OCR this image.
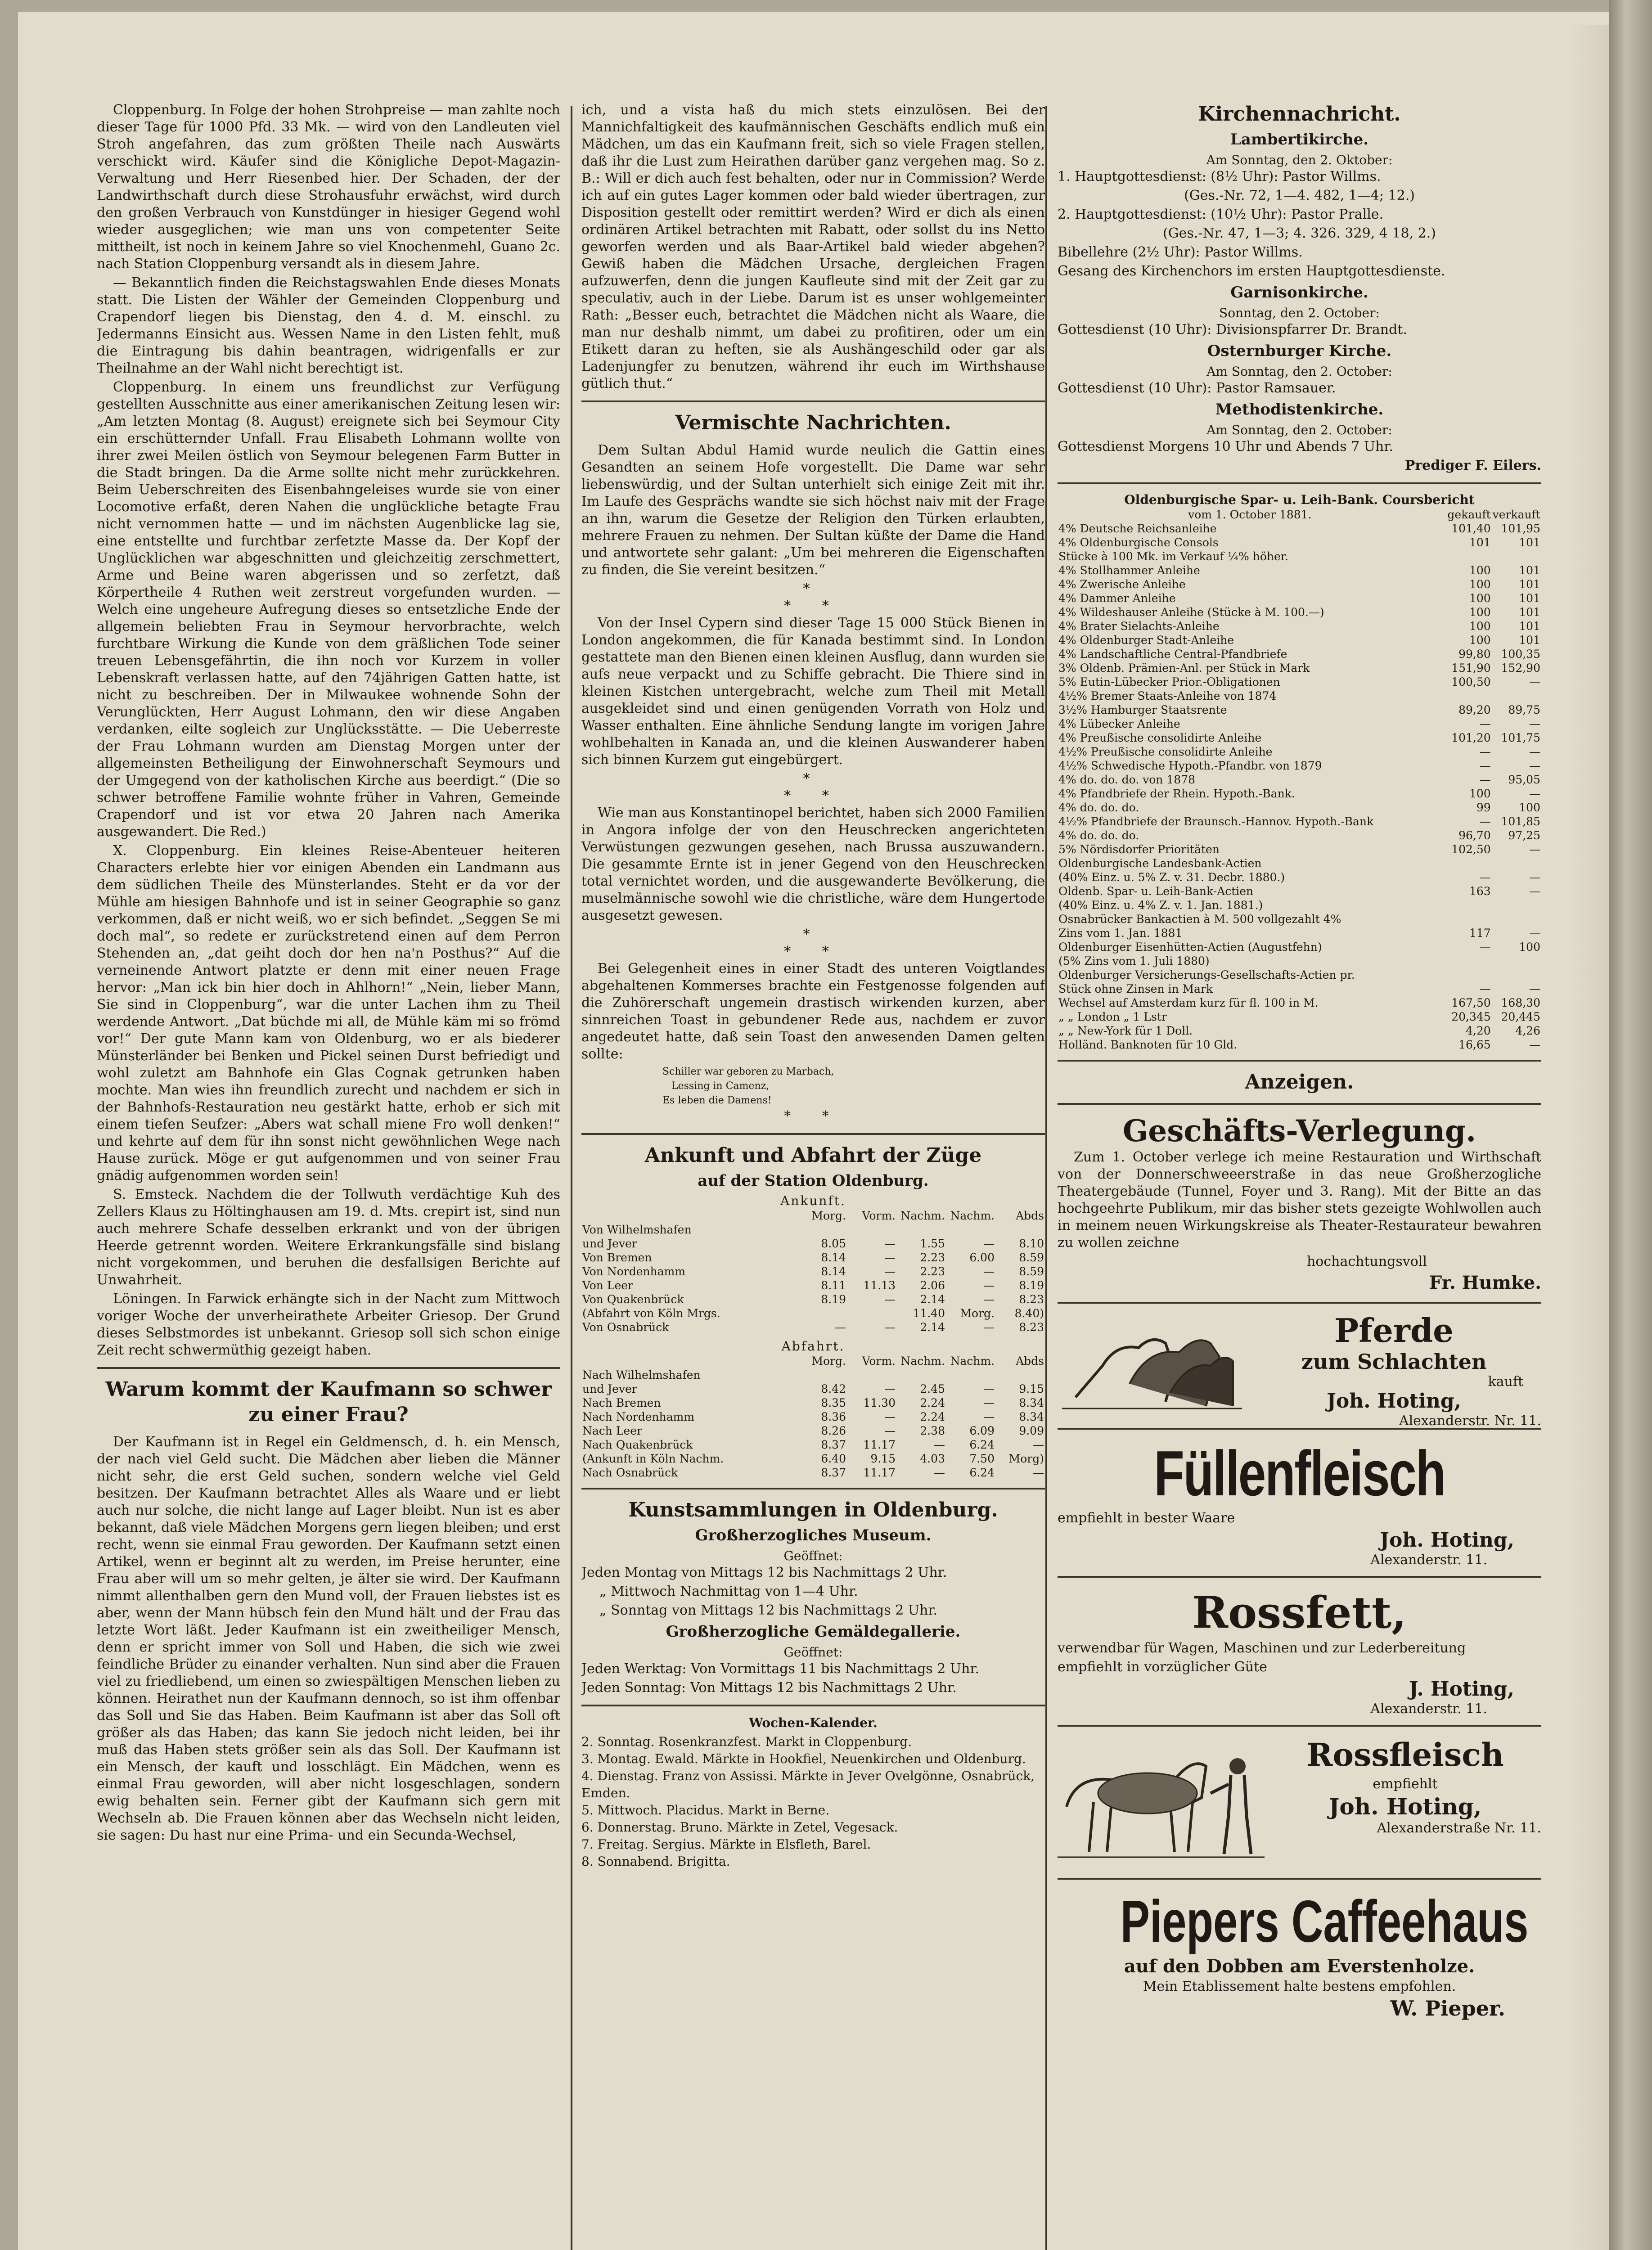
Cloppenburg. In Folge der hohen Strohpreise — man zahlte noch dieser Tage für 1000 Pfd. 33 Mk. — wird von den Landleuten viel Stroh angefahren, das zum größten Theile nach Auswärts verschickt wird. Käufer sind die Königliche Depot-Magazin-Verwaltung und Herr Riesenbed hier. Der Schaden, der der Landwirthschaft durch diese Strohausfuhr erwächst, wird durch den großen Verbrauch von Kunstdünger in hiesiger Gegend wohl wieder ausgeglichen; wie man uns von competenter Seite mittheilt, ist noch in keinem Jahre so viel Knochenmehl, Guano 2c. nach Station Cloppenburg versandt als in diesem Jahre.

— Bekanntlich finden die Reichstagswahlen Ende dieses Monats statt. Die Listen der Wähler der Gemeinden Cloppenburg und Crapendorf liegen bis Dienstag, den 4. d. M. einschl. zu Jedermanns Einsicht aus. Wessen Name in den Listen fehlt, muß die Eintragung bis dahin beantragen, widrigenfalls er zur Theilnahme an der Wahl nicht berechtigt ist.

Cloppenburg. In einem uns freundlichst zur Verfügung gestellten Ausschnitte aus einer amerikanischen Zeitung lesen wir: „Am letzten Montag (8. August) ereignete sich bei Seymour City ein erschütternder Unfall. Frau Elisabeth Lohmann wollte von ihrer zwei Meilen östlich von Seymour belegenen Farm Butter in die Stadt bringen. Da die Arme sollte nicht mehr zurückkehren. Beim Ueberschreiten des Eisenbahngeleises wurde sie von einer Locomotive erfaßt, deren Nahen die unglückliche betagte Frau nicht vernommen hatte — und im nächsten Augenblicke lag sie, eine entstellte und furchtbar zerfetzte Masse da. Der Kopf der Unglücklichen war abgeschnitten und gleichzeitig zerschmettert, Arme und Beine waren abgerissen und so zerfetzt, daß Körpertheile 4 Ruthen weit zerstreut vorgefunden wurden. — Welch eine ungeheure Aufregung dieses so entsetzliche Ende der allgemein beliebten Frau in Seymour hervorbrachte, welch furchtbare Wirkung die Kunde von dem gräßlichen Tode seiner treuen Lebensgefährtin, die ihn noch vor Kurzem in voller Lebenskraft verlassen hatte, auf den 74jährigen Gatten hatte, ist nicht zu beschreiben. Der in Milwaukee wohnende Sohn der Verunglückten, Herr August Lohmann, den wir diese Angaben verdanken, eilte sogleich zur Unglücksstätte. — Die Ueberreste der Frau Lohmann wurden am Dienstag Morgen unter der allgemeinsten Betheiligung der Einwohnerschaft Seymours und der Umgegend von der katholischen Kirche aus beerdigt.“ (Die so schwer betroffene Familie wohnte früher in Vahren, Gemeinde Crapendorf und ist vor etwa 20 Jahren nach Amerika ausgewandert. Die Red.)

X. Cloppenburg. Ein kleines Reise-Abenteuer heiteren Characters erlebte hier vor einigen Abenden ein Landmann aus dem südlichen Theile des Münsterlandes. Steht er da vor der Mühle am hiesigen Bahnhofe und ist in seiner Geographie so ganz verkommen, daß er nicht weiß, wo er sich befindet. „Seggen Se mi doch mal“, so redete er zurückstretend einen auf dem Perron Stehenden an, „dat geiht doch dor hen na'n Posthus?“ Auf die verneinende Antwort platzte er denn mit einer neuen Frage hervor: „Man ick bin hier doch in Ahlhorn!“ „Nein, lieber Mann, Sie sind in Cloppenburg“, war die unter Lachen ihm zu Theil werdende Antwort. „Dat büchde mi all, de Mühle käm mi so frömd vor!“ Der gute Mann kam von Oldenburg, wo er als biederer Münsterländer bei Benken und Pickel seinen Durst befriedigt und wohl zuletzt am Bahnhofe ein Glas Cognak getrunken haben mochte. Man wies ihn freundlich zurecht und nachdem er sich in der Bahnhofs-Restauration neu gestärkt hatte, erhob er sich mit einem tiefen Seufzer: „Abers wat schall miene Fro woll denken!“ und kehrte auf dem für ihn sonst nicht gewöhnlichen Wege nach Hause zurück. Möge er gut aufgenommen und von seiner Frau gnädig aufgenommen worden sein!

S. Emsteck. Nachdem die der Tollwuth verdächtige Kuh des Zellers Klaus zu Höltinghausen am 19. d. Mts. crepirt ist, sind nun auch mehrere Schafe desselben erkrankt und von der übrigen Heerde getrennt worden. Weitere Erkrankungsfälle sind bislang nicht vorgekommen, und beruhen die desfallsigen Berichte auf Unwahrheit.

Löningen. In Farwick erhängte sich in der Nacht zum Mittwoch voriger Woche der unverheirathete Arbeiter Griesop. Der Grund dieses Selbstmordes ist unbekannt. Griesop soll sich schon einige Zeit recht schwermüthig gezeigt haben.

Warum kommt der Kaufmann so schwer zu einer Frau?

Der Kaufmann ist in Regel ein Geldmensch, d. h. ein Mensch, der nach viel Geld sucht. Die Mädchen aber lieben die Männer nicht sehr, die erst Geld suchen, sondern welche viel Geld besitzen. Der Kaufmann betrachtet Alles als Waare und er liebt auch nur solche, die nicht lange auf Lager bleibt. Nun ist es aber bekannt, daß viele Mädchen Morgens gern liegen bleiben; und erst recht, wenn sie einmal Frau geworden. Der Kaufmann setzt einen Artikel, wenn er beginnt alt zu werden, im Preise herunter, eine Frau aber will um so mehr gelten, je älter sie wird. Der Kaufmann nimmt allenthalben gern den Mund voll, der Frauen liebstes ist es aber, wenn der Mann hübsch fein den Mund hält und der Frau das letzte Wort läßt. Jeder Kaufmann ist ein zweitheiliger Mensch, denn er spricht immer von Soll und Haben, die sich wie zwei feindliche Brüder zu einander verhalten. Nun sind aber die Frauen viel zu friedliebend, um einen so zwiespältigen Menschen lieben zu können. Heirathet nun der Kaufmann dennoch, so ist ihm offenbar das Soll und Sie das Haben. Beim Kaufmann ist aber das Soll oft größer als das Haben; das kann Sie jedoch nicht leiden, bei ihr muß das Haben stets größer sein als das Soll. Der Kaufmann ist ein Mensch, der kauft und losschlägt. Ein Mädchen, wenn es einmal Frau geworden, will aber nicht losgeschlagen, sondern ewig behalten sein. Ferner gibt der Kaufmann sich gern mit Wechseln ab. Die Frauen können aber das Wechseln nicht leiden, sie sagen: Du hast nur eine Prima- und ein Secunda-Wechsel,

ich, und a vista haß du mich stets einzulösen. Bei der Mannichfaltigkeit des kaufmännischen Geschäfts endlich muß ein Mädchen, um das ein Kaufmann freit, sich so viele Fragen stellen, daß ihr die Lust zum Heirathen darüber ganz vergehen mag. So z. B.: Will er dich auch fest behalten, oder nur in Commission? Werde ich auf ein gutes Lager kommen oder bald wieder übertragen, zur Disposition gestellt oder remittirt werden? Wird er dich als einen ordinären Artikel betrachten mit Rabatt, oder sollst du ins Netto geworfen werden und als Baar-Artikel bald wieder abgehen? Gewiß haben die Mädchen Ursache, dergleichen Fragen aufzuwerfen, denn die jungen Kaufleute sind mit der Zeit gar zu speculativ, auch in der Liebe. Darum ist es unser wohlgemeinter Rath: „Besser euch, betrachtet die Mädchen nicht als Waare, die man nur deshalb nimmt, um dabei zu profitiren, oder um ein Etikett daran zu heften, sie als Aushängeschild oder gar als Ladenjungfer zu benutzen, während ihr euch im Wirthshause gütlich thut.“

Vermischte Nachrichten.

Dem Sultan Abdul Hamid wurde neulich die Gattin eines Gesandten an seinem Hofe vorgestellt. Die Dame war sehr liebenswürdig, und der Sultan unterhielt sich einige Zeit mit ihr. Im Laufe des Gesprächs wandte sie sich höchst naiv mit der Frage an ihn, warum die Gesetze der Religion den Türken erlaubten, mehrere Frauen zu nehmen. Der Sultan küßte der Dame die Hand und antwortete sehr galant: „Um bei mehreren die Eigenschaften zu finden, die Sie vereint besitzen.“

*
* *

Von der Insel Cypern sind dieser Tage 15 000 Stück Bienen in London angekommen, die für Kanada bestimmt sind. In London gestattete man den Bienen einen kleinen Ausflug, dann wurden sie aufs neue verpackt und zu Schiffe gebracht. Die Thiere sind in kleinen Kistchen untergebracht, welche zum Theil mit Metall ausgekleidet sind und einen genügenden Vorrath von Holz und Wasser enthalten. Eine ähnliche Sendung langte im vorigen Jahre wohlbehalten in Kanada an, und die kleinen Auswanderer haben sich binnen Kurzem gut eingebürgert.

*
* *

Wie man aus Konstantinopel berichtet, haben sich 2000 Familien in Angora infolge der von den Heuschrecken angerichteten Verwüstungen gezwungen gesehen, nach Brussa auszuwandern. Die gesammte Ernte ist in jener Gegend von den Heuschrecken total vernichtet worden, und die ausgewanderte Bevölkerung, die muselmännische sowohl wie die christliche, wäre dem Hungertode ausgesetzt gewesen.

*
* *

Bei Gelegenheit eines in einer Stadt des unteren Voigtlandes abgehaltenen Kommerses brachte ein Festgenosse folgenden auf die Zuhörerschaft ungemein drastisch wirkenden kurzen, aber sinnreichen Toast in gebundener Rede aus, nachdem er zuvor angedeutet hatte, daß sein Toast den anwesenden Damen gelten sollte:

Schiller war geboren zu Marbach,
Lessing in Camenz,
Es leben die Damens!
* *
Ankunft und Abfahrt der Züge
auf der Station Oldenburg.
Ankunft.
	Morg.	Vorm.	Nachm.	Nachm.	Abds
Von Wilhelmshafen					
und Jever	8.05	—	1.55	—	8.10
Von Bremen	8.14	—	2.23	6.00	8.59
Von Nordenhamm	8.14	—	2.23	—	8.59
Von Leer	8.11	11.13	2.06	—	8.19
Von Quakenbrück	8.19	—	2.14	—	8.23
(Abfahrt von Köln Mrgs.			11.40	Morg.	8.40)
Von Osnabrück	—	—	2.14	—	8.23
Abfahrt.
	Morg.	Vorm.	Nachm.	Nachm.	Abds
Nach Wilhelmshafen					
und Jever	8.42	—	2.45	—	9.15
Nach Bremen	8.35	11.30	2.24	—	8.34
Nach Nordenhamm	8.36	—	2.24	—	8.34
Nach Leer	8.26	—	2.38	6.09	9.09
Nach Quakenbrück	8.37	11.17	—	6.24	—
(Ankunft in Köln Nachm.	6.40	9.15	4.03	7.50	Morg)
Nach Osnabrück	8.37	11.17	—	6.24	—
Kunstsammlungen in Oldenburg.
Großherzogliches Museum.
Geöffnet:

Jeden Montag von Mittags 12 bis Nachmittags 2 Uhr.

„ Mittwoch Nachmittag von 1—4 Uhr.

„ Sonntag von Mittags 12 bis Nachmittags 2 Uhr.

Großherzogliche Gemäldegallerie.
Geöffnet:

Jeden Werktag: Von Vormittags 11 bis Nachmittags 2 Uhr.

Jeden Sonntag: Von Mittags 12 bis Nachmittags 2 Uhr.

Wochen-Kalender.
2. Sonntag. Rosenkranzfest. Markt in Cloppenburg.
3. Montag. Ewald. Märkte in Hookfiel, Neuenkirchen und Oldenburg.
4. Dienstag. Franz von Assissi. Märkte in Jever Ovelgönne, Osnabrück, Emden.
5. Mittwoch. Placidus. Markt in Berne.
6. Donnerstag. Bruno. Märkte in Zetel, Vegesack.
7. Freitag. Sergius. Märkte in Elsfleth, Barel.
8. Sonnabend. Brigitta.
Kirchennachricht.
Lambertikirche.
Am Sonntag, den 2. Oktober:

1. Hauptgottesdienst: (8½ Uhr): Pastor Willms.

(Ges.-Nr. 72, 1—4. 482, 1—4; 12.)

2. Hauptgottesdienst: (10½ Uhr): Pastor Pralle.

(Ges.-Nr. 47, 1—3; 4. 326. 329, 4 18, 2.)

Bibellehre (2½ Uhr): Pastor Willms.

Gesang des Kirchenchors im ersten Hauptgottesdienste.

Garnisonkirche.
Sonntag, den 2. October:

Gottesdienst (10 Uhr): Divisionspfarrer Dr. Brandt.

Osternburger Kirche.
Am Sonntag, den 2. October:

Gottesdienst (10 Uhr): Pastor Ramsauer.

Methodistenkirche.
Am Sonntag, den 2. October:

Gottesdienst Morgens 10 Uhr und Abends 7 Uhr.

Prediger F. Eilers.

Oldenburgische Spar- u. Leih-Bank. Coursbericht
vom 1. October 1881.	gekauft	verkauft
4% Deutsche Reichsanleihe	101,40	101,95
4% Oldenburgische Consols	101	101
Stücke à 100 Mk. im Verkauf ¼% höher.		
4% Stollhammer Anleihe	100	101
4% Zwerische Anleihe	100	101
4% Dammer Anleihe	100	101
4% Wildeshauser Anleihe (Stücke à M. 100.—)	100	101
4% Brater Sielachts-Anleihe	100	101
4% Oldenburger Stadt-Anleihe	100	101
4% Landschaftliche Central-Pfandbriefe	99,80	100,35
3% Oldenb. Prämien-Anl. per Stück in Mark	151,90	152,90
5% Eutin-Lübecker Prior.-Obligationen	100,50	—
4½% Bremer Staats-Anleihe von 1874		
3½% Hamburger Staatsrente	89,20	89,75
4% Lübecker Anleihe	—	—
4% Preußische consolidirte Anleihe	101,20	101,75
4½% Preußische consolidirte Anleihe	—	—
4½% Schwedische Hypoth.-Pfandbr. von 1879	—	—
4% do. do. do. von 1878	—	95,05
4% Pfandbriefe der Rhein. Hypoth.-Bank.	100	—
4% do. do. do.	99	100
4½% Pfandbriefe der Braunsch.-Hannov. Hypoth.-Bank	—	101,85
4% do. do. do.	96,70	97,25
5% Nördisdorfer Prioritäten	102,50	—
Oldenburgische Landesbank-Actien		
(40% Einz. u. 5% Z. v. 31. Decbr. 1880.)	—	—
Oldenb. Spar- u. Leih-Bank-Actien	163	—
(40% Einz. u. 4% Z. v. 1. Jan. 1881.)		
Osnabrücker Bankactien à M. 500 vollgezahlt 4%		
Zins vom 1. Jan. 1881	117	—
Oldenburger Eisenhütten-Actien (Augustfehn)	—	100
(5% Zins vom 1. Juli 1880)		
Oldenburger Versicherungs-Gesellschafts-Actien pr.		
Stück ohne Zinsen in Mark	—	—
Wechsel auf Amsterdam kurz für fl. 100 in M.	167,50	168,30
„ „ London „ 1 Lstr	20,345	20,445
„ „ New-York für 1 Doll.	4,20	4,26
Holländ. Banknoten für 10 Gld.	16,65	—
Anzeigen.
Geschäfts-Verlegung.

Zum 1. October verlege ich meine Restauration und Wirthschaft von der Donnerschweeerstraße in das neue Großherzogliche Theatergebäude (Tunnel, Foyer und 3. Rang). Mit der Bitte an das hochgeehrte Publikum, mir das bisher stets gezeigte Wohlwollen auch in meinem neuen Wirkungskreise als Theater-Restaurateur bewahren zu wollen zeichne

hochachtungsvoll

Fr. Humke.

Pferde
zum Schlachten
kauft
Joh. Hoting,
Alexanderstr. Nr. 11.
Füllenfleisch

empfiehlt in bester Waare

Joh. Hoting,
Alexanderstr. 11.
Rossfett,

verwendbar für Wagen, Maschinen und zur Lederbereitung

empfiehlt in vorzüglicher Güte

J. Hoting,
Alexanderstr. 11.
Rossfleisch
empfiehlt
Joh. Hoting,
Alexanderstraße Nr. 11.
Piepers Caffeehaus
auf den Dobben am Everstenholze.
Mein Etablissement halte bestens empfohlen.
W. Pieper.
